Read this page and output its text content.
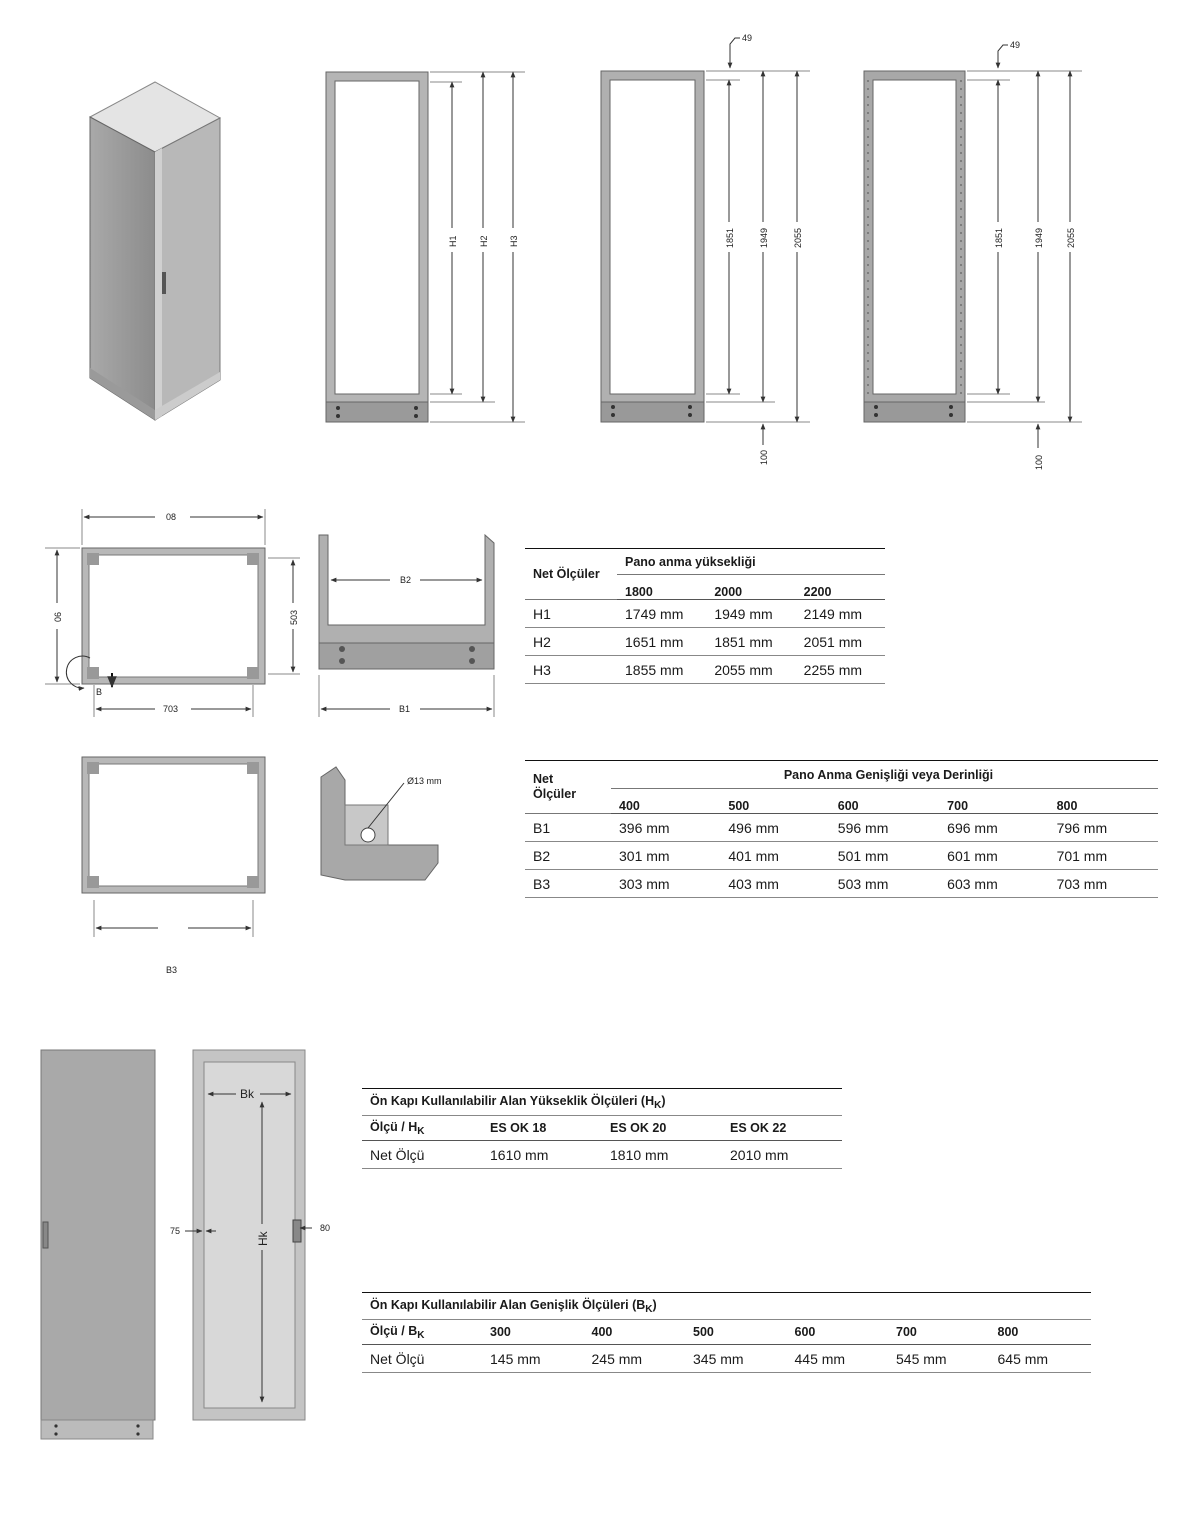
H1 H2 H3
49
1851	1949	2055
100
49
1851	1949 2055
100
08
06	503
703
B
B2
B1
B3
Ø13 mm
Bk
Hk
75	80
Net Ölçüler	Pano anma yüksekliği		
	1800	2000	2200
H1	1749 mm	1949 mm	2149 mm
H2	1651 mm	1851 mm	2051 mm
H3	1855 mm	2055 mm	2255 mm
Net
Ölçüler	Pano Anma Genişliği veya Derinliği				
	400	500	600	700	800
B1	396 mm	496 mm	596 mm	696 mm	796 mm
B2	301 mm	401 mm	501 mm	601 mm	701 mm
B3	303 mm	403 mm	503 mm	603 mm	703 mm
Ön Kapı Kullanılabilir Alan Yükseklik Ölçüleri $(H_K)$			
Ölçü / $H_K$	ES OK 18	ES OK 20	ES OK 22
Net Ölçü	1610 mm	1810 mm	2010 mm
Ön Kapı Kullanılabilir Alan Genişlik Ölçüleri $(B_K)$						
Ölçü / $B_K$	300	400	500	600	700	800
Net Ölçü	145 mm	245 mm	345 mm	445 mm	545 mm	645 mm
